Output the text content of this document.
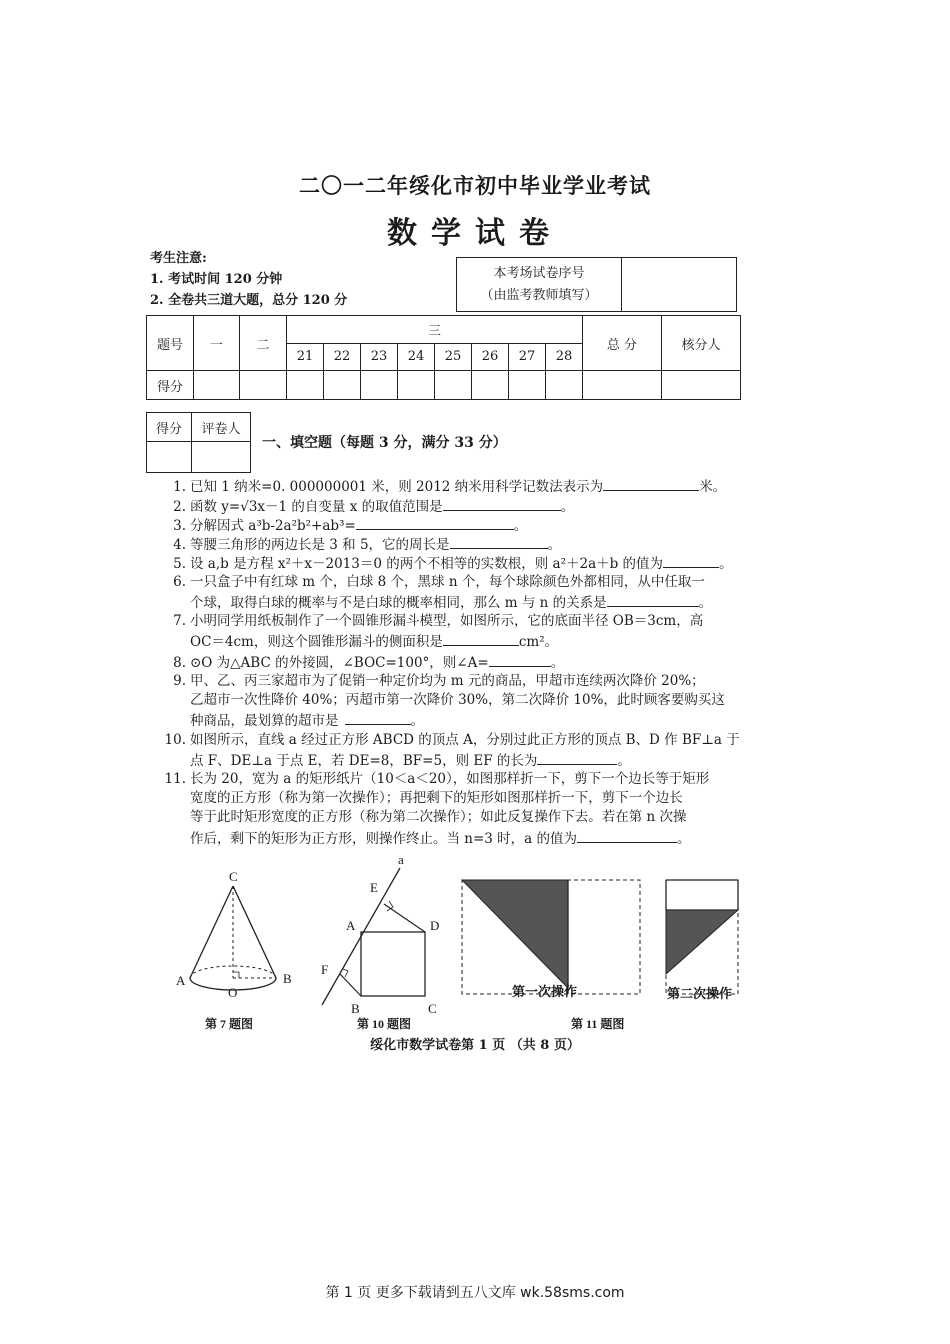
二〇一二年绥化市初中毕业学业考试
数学试卷
考生注意:
1. 考试时间 120 分钟
2. 全卷共三道大题，总分 120 分
本考场试卷序号
（由监考教师填写）

题号	一	二	三								总 分	核分人
			21	22	23	24	25	26	27	28		
得分												
得分	评卷人

一、填空题（每题 3 分，满分 33 分）
1. 已知 1 纳米=0. 000000001 米，则 2012 纳米用科学记数法表示为	米。
2. 函数 y=√3x－1 的自变量 x 的取值范围是	。
3. 分解因式 a³b-2a²b²+ab³=	。
4. 等腰三角形的两边长是 3 和 5，它的周长是	。
5. 设 a,b 是方程 x²＋x－2013＝0 的两个不相等的实数根，则 a²＋2a＋b 的值为	。
6. 一只盒子中有红球 m 个，白球 8 个，黑球 n 个，每个球除颜色外都相同，从中任取一
个球，取得白球的概率与不是白球的概率相同，那么 m 与 n 的关系是	。
7. 小明同学用纸板制作了一个圆锥形漏斗模型，如图所示，它的底面半径 OB＝3cm，高
OC＝4cm，则这个圆锥形漏斗的侧面积是	cm²。
8. ⊙O 为△ABC 的外接圆，∠BOC=100°，则∠A=	。
9. 甲、乙、丙三家超市为了促销一种定价均为 m 元的商品，甲超市连续两次降价 20%；
乙超市一次性降价 40%；丙超市第一次降价 30%，第二次降价 10%，此时顾客要购买这
种商品，最划算的超市是	。
10. 如图所示，直线 a 经过正方形 ABCD 的顶点 A，分别过此正方形的顶点 B、D 作 BF⊥a 于
点 F、DE⊥a 于点 E，若 DE=8，BF=5，则 EF 的长为	。
11. 长为 20，宽为 a 的矩形纸片（10＜a＜20），如图那样折一下，剪下一个边长等于矩形
宽度的正方形（称为第一次操作）；再把剩下的矩形如图那样折一下，剪下一个边长
等于此时矩形宽度的正方形（称为第二次操作）；如此反复操作下去。若在第 n 次操
作后，剩下的矩形为正方形，则操作终止。当 n=3 时，a 的值为	。
C
A
O
B
a
E
D
A
F
B	C
第一次操作	第二次操作
第 7 题图	第 10 题图	第 11 题图
绥化市数学试卷第 1 页 （共 8 页）
第 1 页 更多下载请到五八文库 wk.58sms.com
